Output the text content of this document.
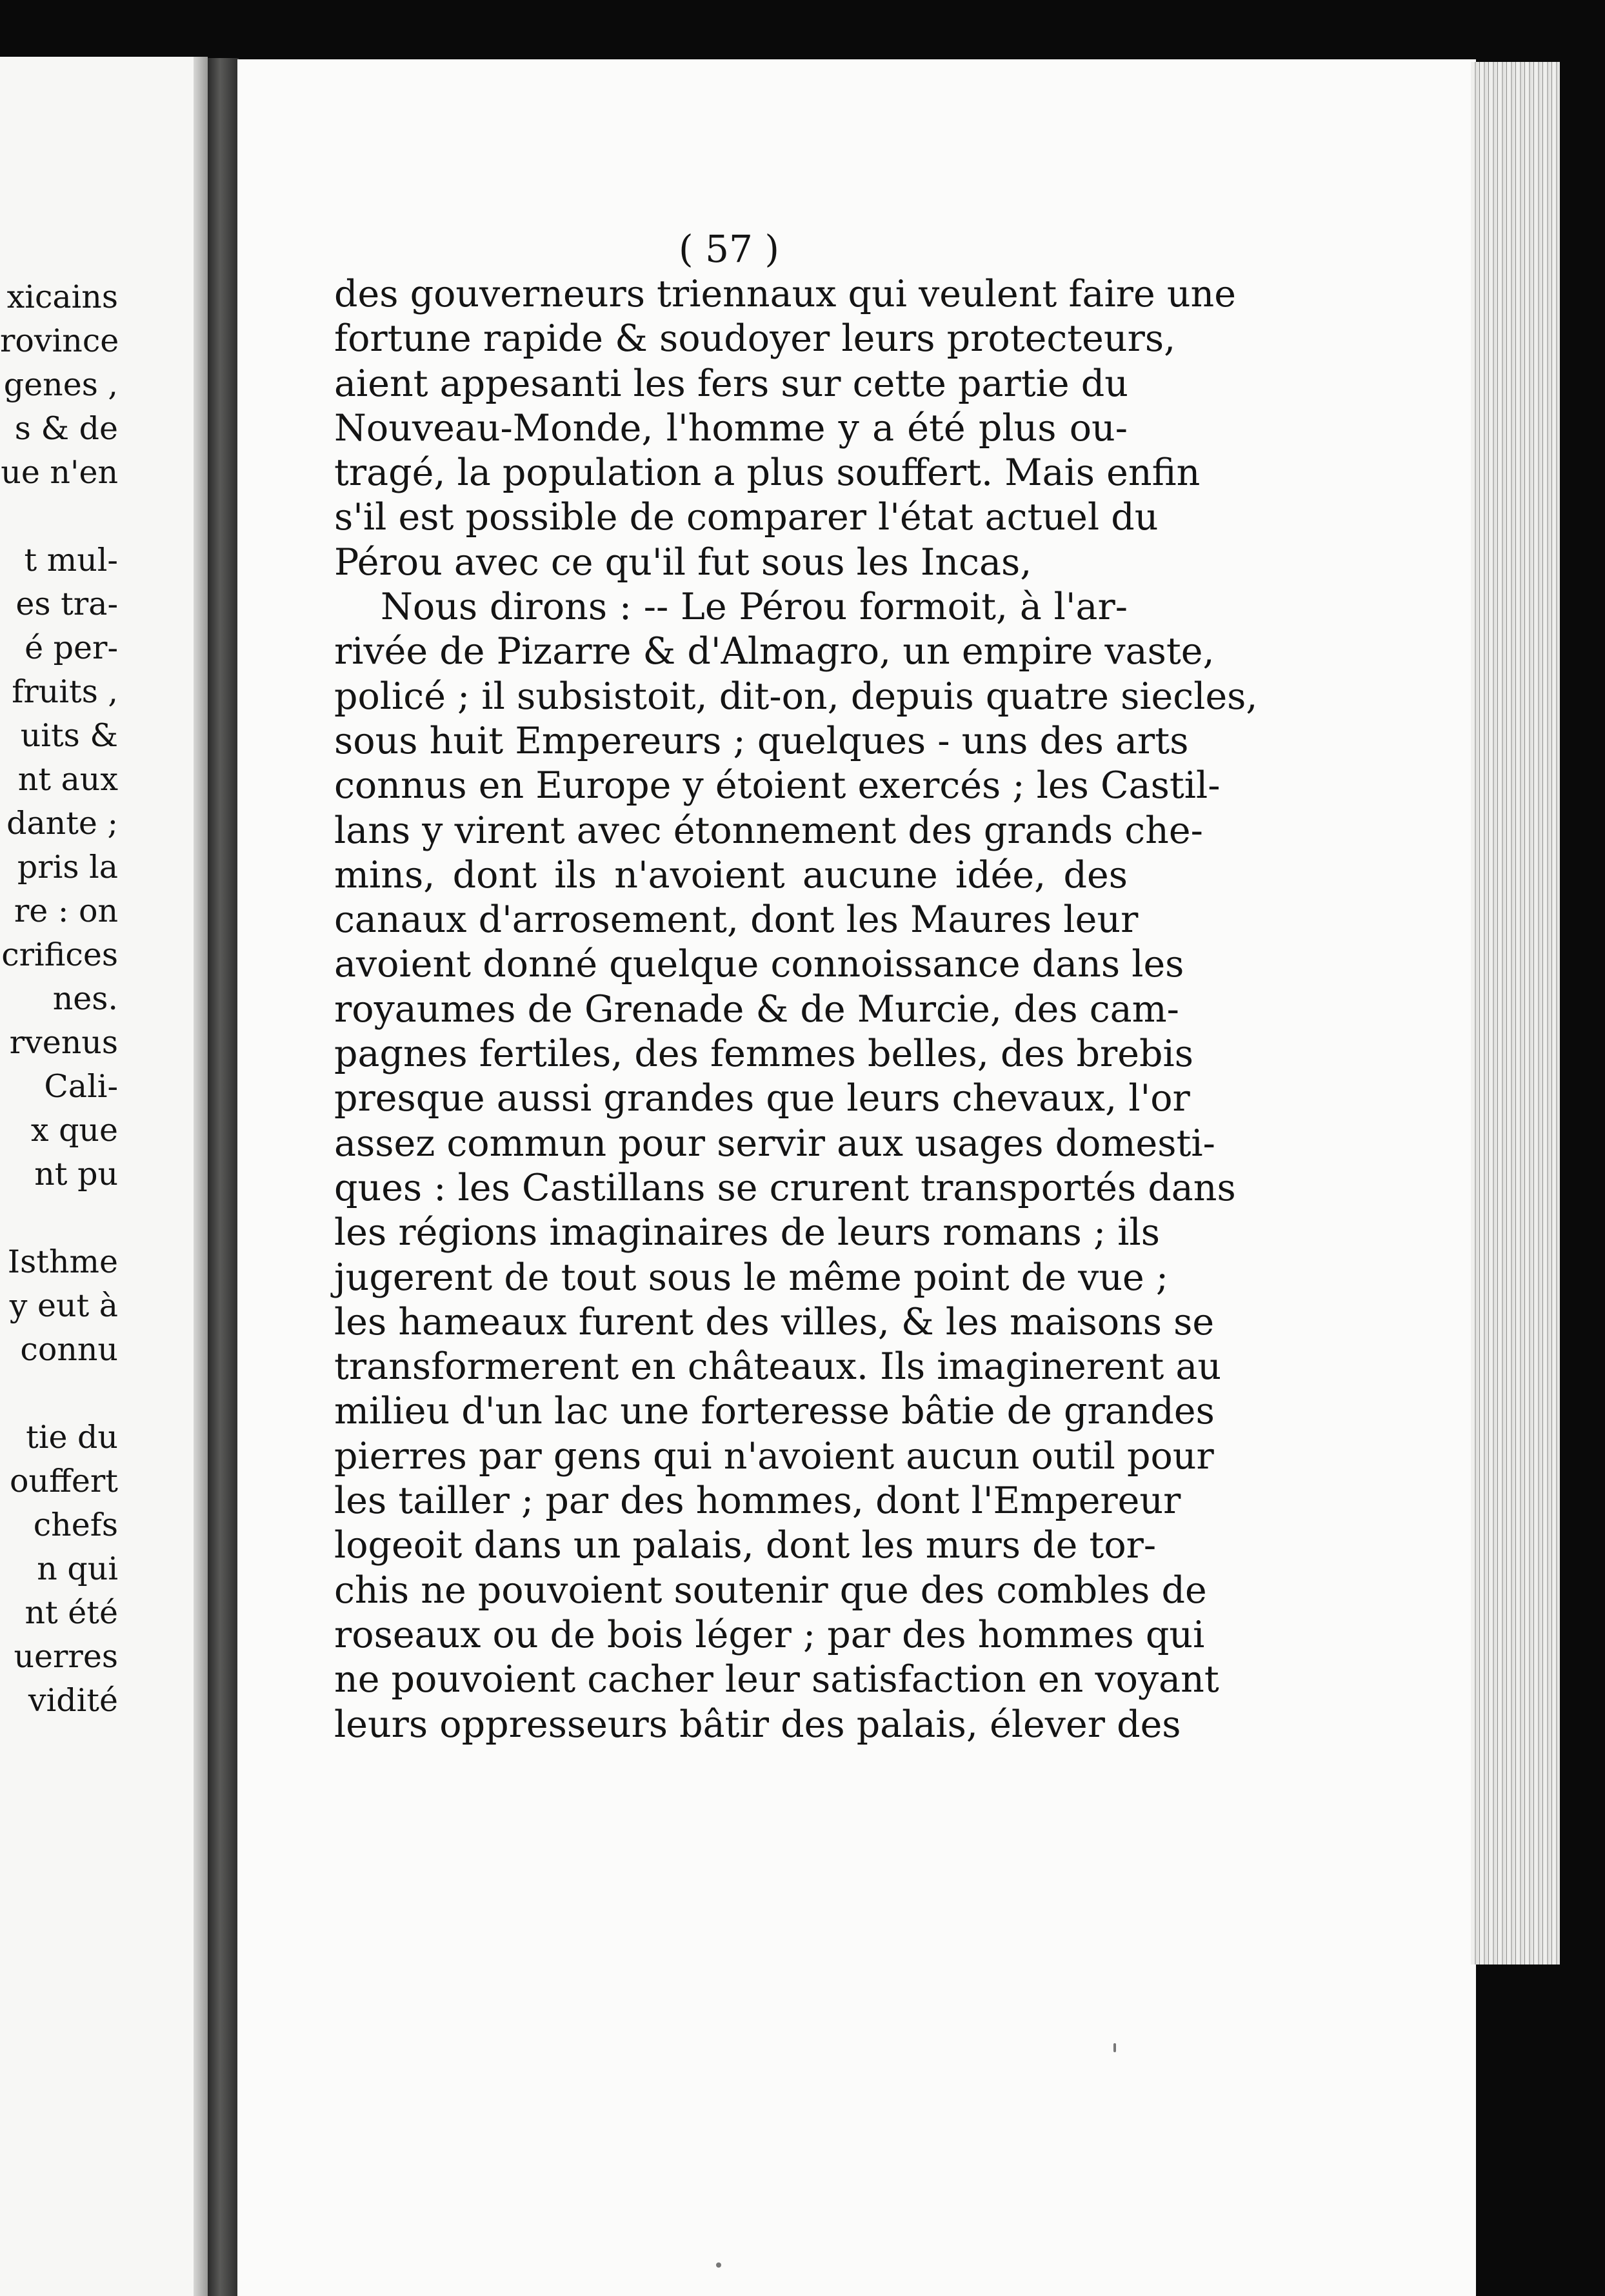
xicains
rovince
genes ,
s & de
ue n'en
t mul-
es tra-
é per-
fruits ,
uits &
nt aux
dante ;
pris la
re : on
crifices
nes.
rvenus
Cali-
x que
nt pu
Isthme
y eut à
connu
tie du
ouffert
chefs
n qui
nt été
uerres
vidité
( 57 )
des gouverneurs triennaux qui veulent faire une
fortune rapide & soudoyer leurs protecteurs,
aient appesanti les fers sur cette partie du
Nouveau-Monde, l'homme y a été plus ou-
tragé, la population a plus souffert. Mais enfin
s'il est possible de comparer l'état actuel du
Pérou avec ce qu'il fut sous les Incas,
Nous dirons : -- Le Pérou formoit, à l'ar-
rivée de Pizarre & d'Almagro, un empire vaste,
policé ; il subsistoit, dit-on, depuis quatre siecles,
sous huit Empereurs ; quelques - uns des arts
connus en Europe y étoient exercés ; les Castil-
lans y virent avec étonnement des grands che-
mins, dont ils n'avoient aucune idée, des
canaux d'arrosement, dont les Maures leur
avoient donné quelque connoissance dans les
royaumes de Grenade & de Murcie, des cam-
pagnes fertiles, des femmes belles, des brebis
presque aussi grandes que leurs chevaux, l'or
assez commun pour servir aux usages domesti-
ques : les Castillans se crurent transportés dans
les régions imaginaires de leurs romans ; ils
jugerent de tout sous le même point de vue ;
les hameaux furent des villes, & les maisons se
transformerent en châteaux. Ils imaginerent au
milieu d'un lac une forteresse bâtie de grandes
pierres par gens qui n'avoient aucun outil pour
les tailler ; par des hommes, dont l'Empereur
logeoit dans un palais, dont les murs de tor-
chis ne pouvoient soutenir que des combles de
roseaux ou de bois léger ; par des hommes qui
ne pouvoient cacher leur satisfaction en voyant
leurs oppresseurs bâtir des palais, élever des
